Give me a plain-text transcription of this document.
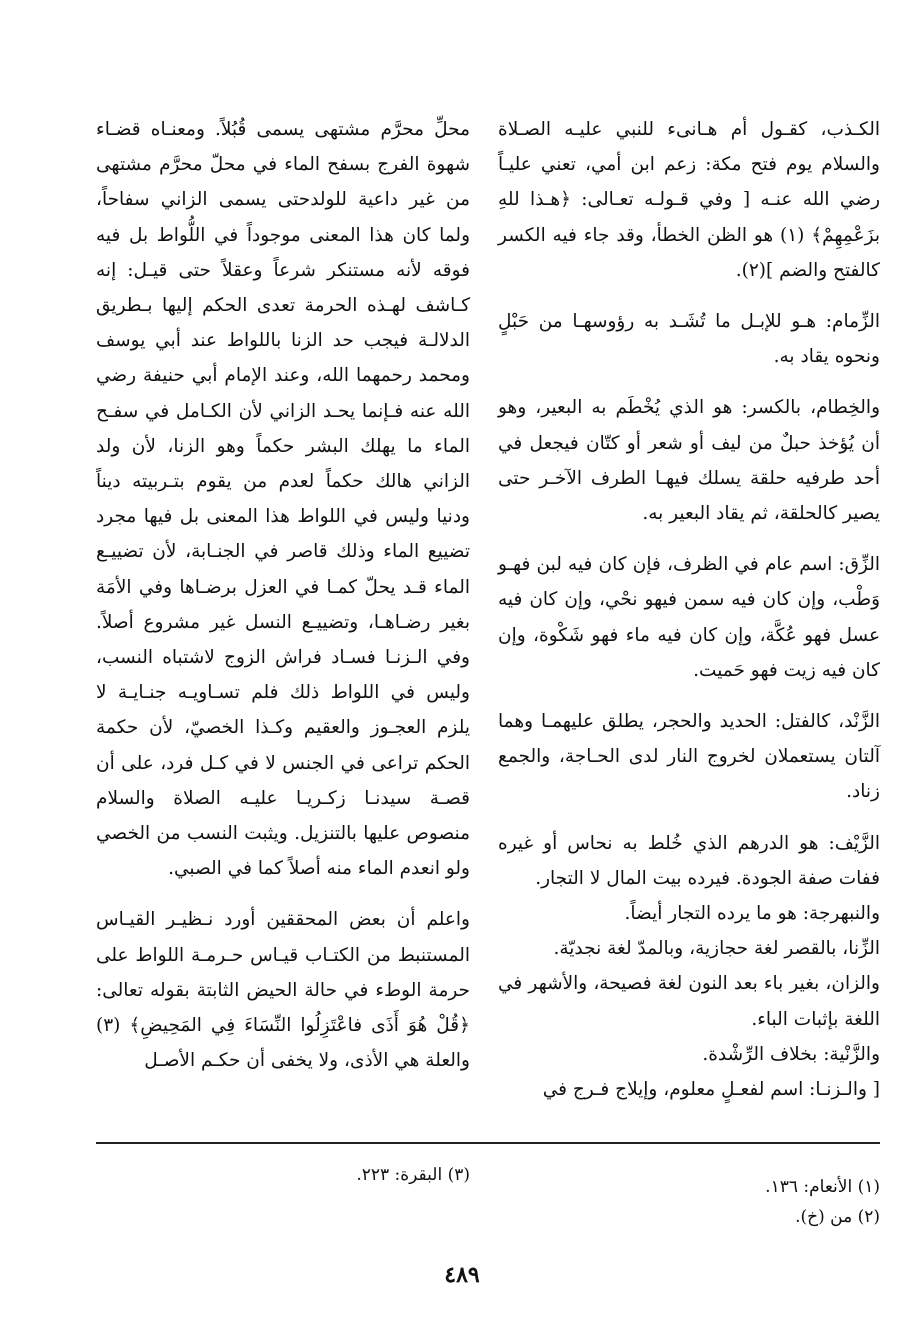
الكـذب، كقـول أم هـانىء للنبي عليـه الصـلاة والسلام يوم فتح مكة: زعم ابن أمي، تعني عليـاً رضي الله عنـه [ وفي قـولـه تعـالى: ﴿هـذا للهِ بزَعْمِهِمْ﴾ (١) هو الظن الخطأ، وقد جاء فيه الكسر كالفتح والضم ](٢).

الزِّمام: هـو للإبـل ما تُشَـد به رؤوسهـا من حَبْلٍ ونحوه يقاد به.

والخِطام، بالكسر: هو الذي يُخْطَم به البعير، وهو أن يُؤخذ حبلٌ من ليف أو شعر أو كتّان فيجعل في أحد طرفيه حلقة يسلك فيهـا الطرف الآخـر حتى يصير كالحلقة، ثم يقاد البعير به.

الزِّق: اسم عام في الظرف، فإن كان فيه لبن فهـو وَطْب، وإن كان فيه سمن فيهو نحْي، وإن كان فيه عسل فهو عُكَّة، وإن كان فيه ماء فهو شَكْوة، وإن كان فيه زيت فهو حَميت.

الزَّنْد، كالفتل: الحديد والحجر، يطلق عليهمـا وهما آلتان يستعملان لخروج النار لدى الحـاجة، والجمع زناد.

الزَّيْف: هو الدرهم الذي خُلط به نحاس أو غيره ففات صفة الجودة. فيرده بيت المال لا التجار.

والنبهرجة: هو ما يرده التجار أيضاً.

الزِّنا، بالقصر لغة حجازية، وبالمدّ لغة نجديّة.

والزان، بغير باء بعد النون لغة فصيحة، والأشهر في اللغة بإثبات الباء.

والزَّنْية: بخلاف الرِّشْدة.

[ والـزنـا: اسم لفعـلٍ معلوم، وإيلاج فـرج في

محلِّ محرَّم مشتهى يسمى قُبُلاً. ومعنـاه قضـاء شهوة الفرج بسفح الماء في محلّ محرَّم مشتهى من غير داعية للولدحتى يسمى الزاني سفاحاً، ولما كان هذا المعنى موجوداً في اللُّواط بل فيه فوقه لأنه مستنكر شرعاً وعقلاً حتى قيـل: إنه كـاشف لهـذه الحرمة تعدى الحكم إليها بـطريق الدلالـة فيجب حد الزنا باللواط عند أبي يوسف ومحمد رحمهما الله، وعند الإمام أبي حنيفة رضي الله عنه فـإنما يحـد الزاني لأن الكـامل في سفـح الماء ما يهلك البشر حكماً وهو الزنا، لأن ولد الزاني هالك حكماً لعدم من يقوم بتـربيته ديناً ودنيا وليس في اللواط هذا المعنى بل فيها مجرد تضييع الماء وذلك قاصر في الجنـابة، لأن تضييـع الماء قـد يحلّ كمـا في العزل برضـاها وفي الأمَة بغير رضـاهـا، وتضييـع النسل غير مشروع أصلاً. وفي الـزنـا فسـاد فراش الزوج لاشتباه النسب، وليس في اللواط ذلك فلم تسـاويـه جنـايـة لا يلزم العجـوز والعقيم وكـذا الخصيّ، لأن حكمة الحكم تراعى في الجنس لا في كـل فرد، على أن قصـة سيدنـا زكـريـا عليـه الصلاة والسلام منصوص عليها بالتنزيل. ويثبت النسب من الخصي ولو انعدم الماء منه أصلاً كما في الصبي.

واعلم أن بعض المحققين أورد نـظيـر القيـاس المستنبط من الكتـاب قيـاس حـرمـة اللواط على حرمة الوطء في حالة الحيض الثابتة بقوله تعالى: ﴿قُلْ هُوَ أَذَى فاعْتَزِلُوا النِّسَاءَ فِي المَحِيضِ﴾ (٣) والعلة هي الأذى، ولا يخفى أن حكـم الأصـل

(١) الأنعام: ١٣٦.
(٢) من (خ).
(٣) البقرة: ٢٢٣.
٤٨٩
